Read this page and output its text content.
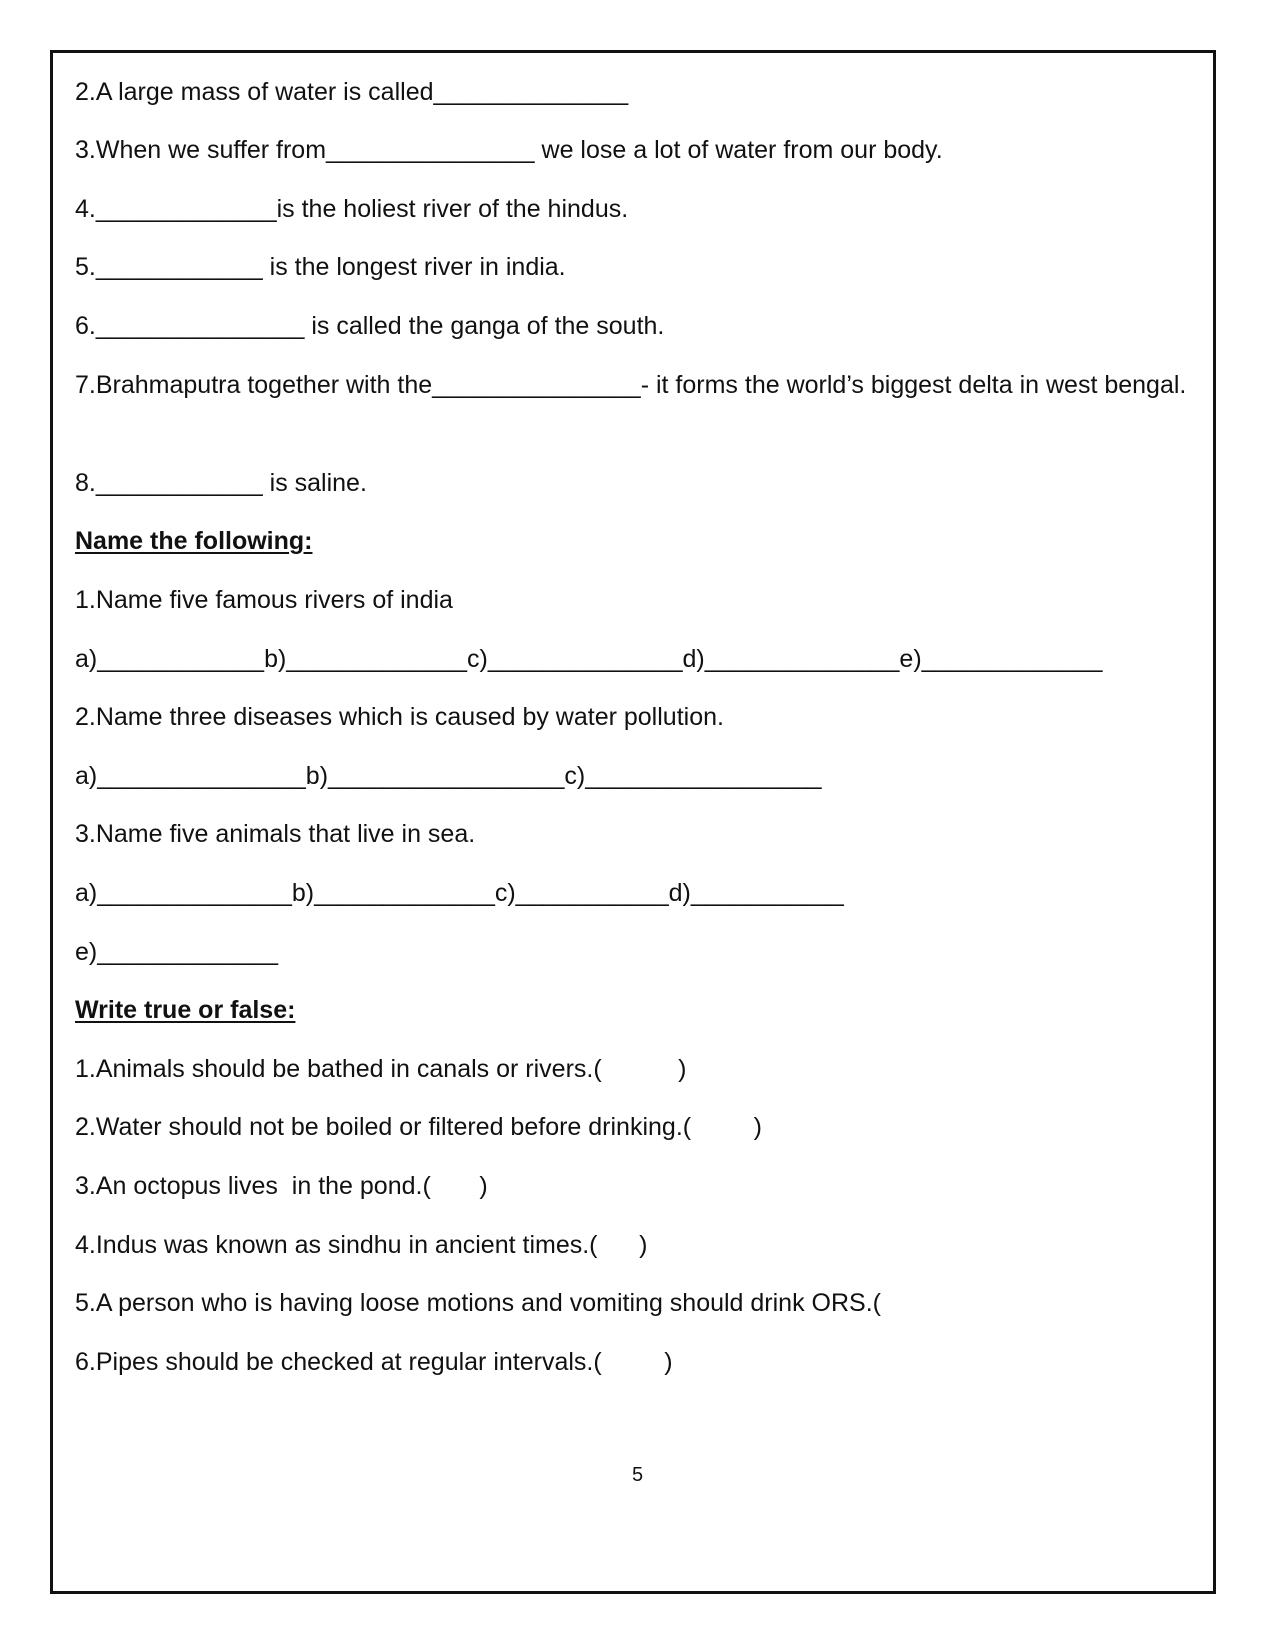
2.A large mass of water is called______________
3.When we suffer from_______________ we lose a lot of water from our body.
4._____________is the holiest river of the hindus.
5.____________ is the longest river in india.
6._______________ is called the ganga of the south.
7.Brahmaputra together with the_______________- it forms the world’s biggest delta in west bengal.
8.____________ is saline.
Name the following:
1.Name five famous rivers of india
a)____________b)_____________c)______________d)______________e)_____________
2.Name three diseases which is caused by water pollution.
a)_______________b)_________________c)_________________
3.Name five animals that live in sea.
a)______________b)_____________c)___________d)___________
e)_____________
Write true or false:
1.Animals should be bathed in canals or rivers.(           )
2.Water should not be boiled or filtered before drinking.(         )
3.An octopus lives  in the pond.(       )
4.Indus was known as sindhu in ancient times.(      )
5.A person who is having loose motions and vomiting should drink ORS.(
6.Pipes should be checked at regular intervals.(         )
5
